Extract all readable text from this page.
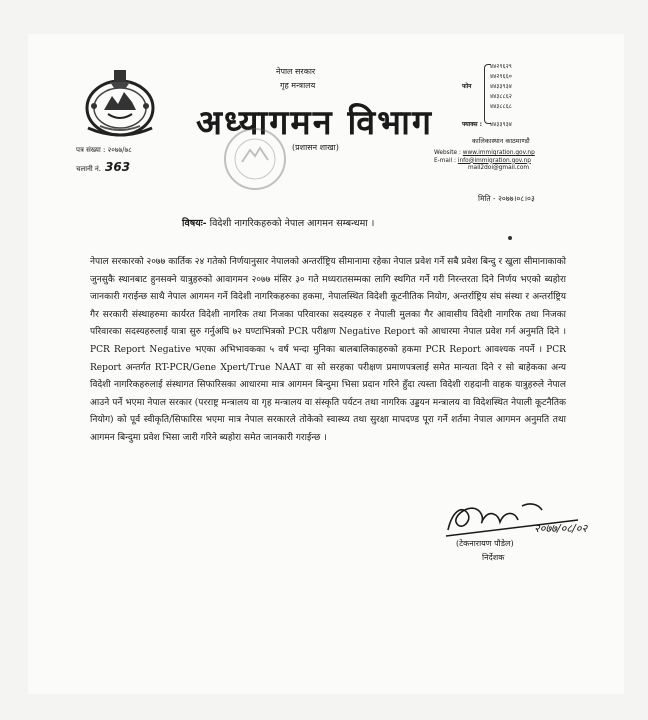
नेपाल सरकार
गृह मन्त्रालय
अध्यागमन विभाग
(प्रशासन शाखा)
४४२९६२९
४४२९६६०
फोन	४४३३९३४
४४३८८६२
४४३८८६८
फ्याक्स :	४४३३९३४
कालिकास्थान काठमाण्डौ
Website : www.immigration.gov.np
E-mail : info@immigration.gov.np
mail2doi@gmail.com
पत्र संख्या : २०७७/७८
चलानी नं. 363
मिति - २०७७।०८।०३
विषयः- विदेशी नागरिकहरुको नेपाल आगमन सम्बन्धमा ।

नेपाल सरकारको २०७७ कार्तिक २४ गतेको निर्णयानुसार नेपालको अन्तर्राष्ट्रिय सीमानामा रहेका नेपाल प्रवेश गर्ने सबै प्रवेश बिन्दु र खुला सीमानाकाको जुनसुकै स्थानबाट हुनसक्ने यात्रुहरुको आवागमन २०७७ मंसिर ३० गते मध्यरातसम्मका लागि स्थगित गर्ने गरी निरन्तरता दिने निर्णय भएको ब्यहोरा जानकारी गराईन्छ साथै नेपाल आगमन गर्ने विदेशी नागरिकहरुका हकमा, नेपालस्थित विदेशी कूटनीतिक नियोग, अन्तर्राष्ट्रिय संघ संस्था र अन्तर्राष्ट्रिय गैर सरकारी संस्थाहरुमा कार्यरत विदेशी नागरिक तथा निजका परिवारका सदस्यहरु र नेपाली मुलका गैर आवासीय विदेशी नागरिक तथा निजका परिवारका सदस्यहरुलाई यात्रा सुरु गर्नुअघि ७२ घण्टाभित्रको PCR परीक्षण Negative Report को आधारमा नेपाल प्रवेश गर्न अनुमति दिने । PCR Report Negative भएका अभिभावकका ५ वर्ष भन्दा मुनिका बालबालिकाहरुको हकमा PCR Report आवश्यक नपर्ने । PCR Report अन्तर्गत RT-PCR/Gene Xpert/True NAAT वा सो सरहका परीक्षण प्रमाणपत्रलाई समेत मान्यता दिने र सो बाहेकका अन्य विदेशी नागरिकहरुलाई संस्थागत सिफारिसका आधारमा मात्र आगमन बिन्दुमा भिसा प्रदान गरिने हुँदा त्यस्ता विदेशी राहदानी वाहक यात्रुहरुले नेपाल आउने पर्ने भएमा नेपाल सरकार (परराष्ट्र मन्त्रालय वा गृह मन्त्रालय वा संस्कृति पर्यटन तथा नागरिक उड्डयन मन्त्रालय वा विदेशस्थित नेपाली कूटनैतिक नियोग) को पूर्व स्वीकृति/सिफारिस भएमा मात्र नेपाल सरकारले तोकेको स्वास्थ्य तथा सुरक्षा मापदण्ड पूरा गर्ने शर्तमा नेपाल आगमन अनुमति तथा आगमन बिन्दुमा प्रवेश भिसा जारी गरिने ब्यहोरा समेत जानकारी गराईन्छ ।

२०७७/०८/०२
(टेकनारायण पौडेल)
निर्देशक
